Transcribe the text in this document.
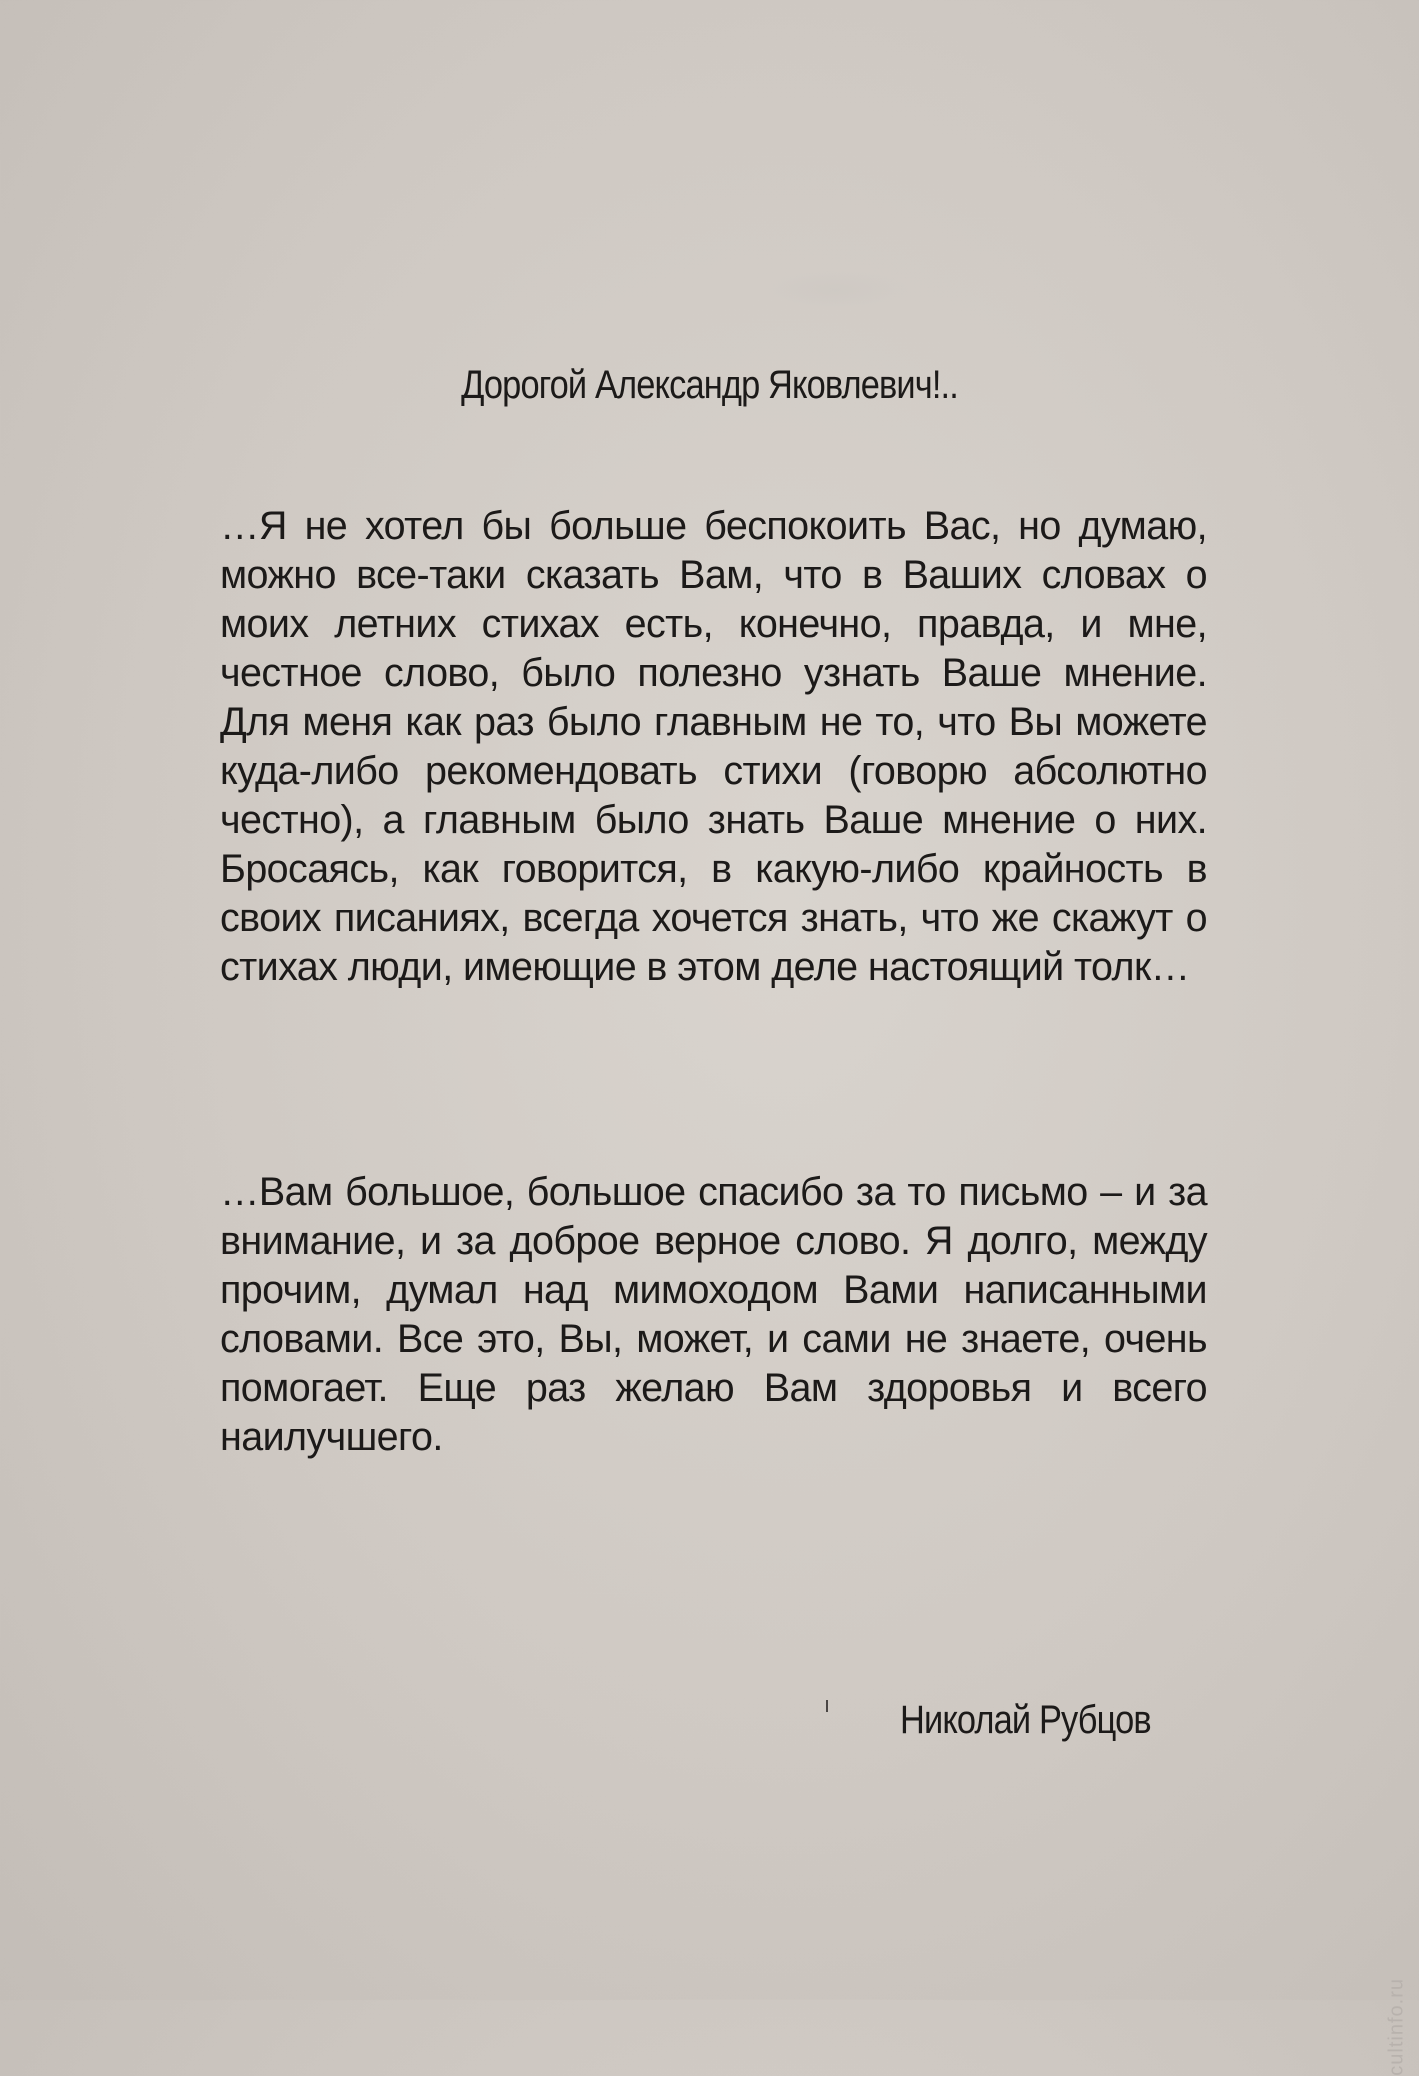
Дорогой Александр Яковлевич!..

…Я не хотел бы больше беспокоить Вас, но думаю, можно все-таки сказать Вам, что в Ваших словах о моих летних стихах есть, конечно, правда, и мне, честное слово, было полезно узнать Ваше мнение. Для меня как раз было главным не то, что Вы можете куда-либо рекомендовать стихи (говорю абсолютно честно), а главным было знать Ваше мнение о них. Бросаясь, как говорится, в какую-либо крайность в своих писаниях, всегда хочется знать, что же скажут о стихах люди, имеющие в этом деле настоящий толк…

…Вам большое, большое спасибо за то письмо – и за внимание, и за доброе верное слово. Я долго, между прочим, думал над мимоходом Вами написанными словами. Все это, Вы, может, и сами не знаете, очень помогает. Еще раз желаю Вам здоровья и всего наилучшего.

Николай Рубцов

cultinfo.ru
